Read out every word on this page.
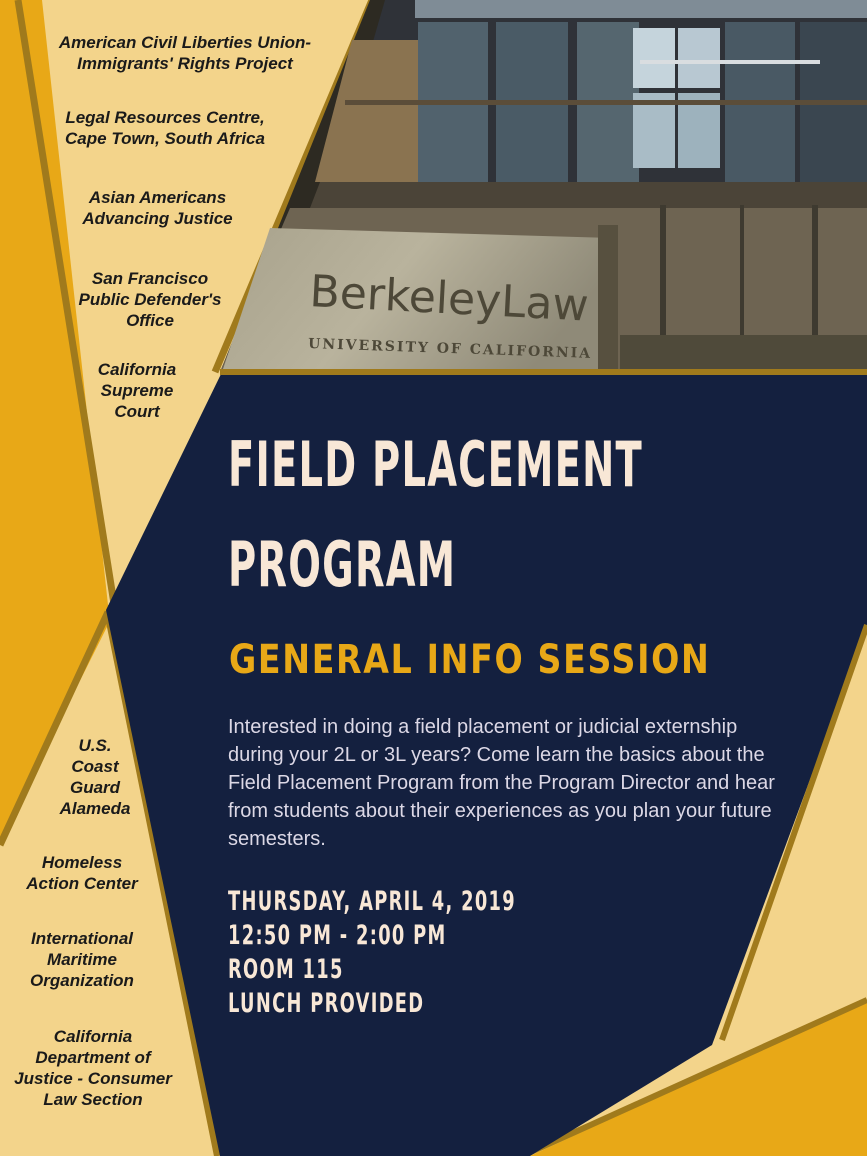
BerkeleyLaw
UNIVERSITY OF CALIFORNIA

American Civil Liberties Union-
Immigrants' Rights Project

Legal Resources Centre,
Cape Town, South Africa

Asian Americans
Advancing Justice

San Francisco
Public Defender's
Office

California
Supreme
Court

U.S.
Coast
Guard
Alameda

Homeless
Action Center

International
Maritime
Organization

California
Department of
Justice - Consumer
Law Section

FIELD PLACEMENT
PROGRAM
GENERAL INFO SESSION

Interested in doing a field placement or judicial externship during your 2L or 3L years? Come learn the basics about the Field Placement Program from the Program Director and hear from students about their experiences as you plan your future semesters.

THURSDAY, APRIL 4, 2019

12:50 PM - 2:00 PM

ROOM 115

LUNCH PROVIDED
